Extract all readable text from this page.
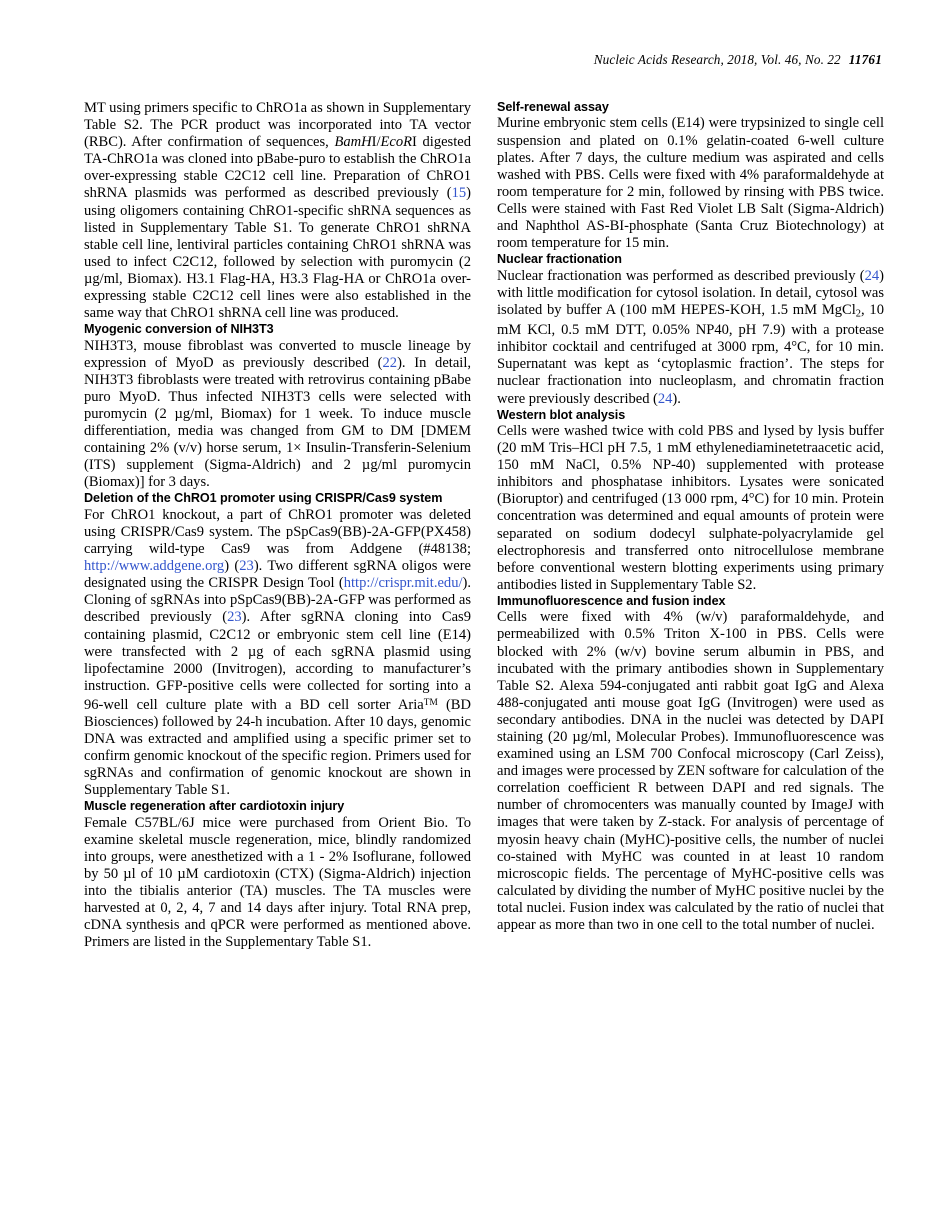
Nucleic Acids Research, 2018, Vol. 46, No. 22 11761

MT using primers specific to ChRO1a as shown in Supplementary Table S2. The PCR product was incorporated into TA vector (RBC). After confirmation of sequences, BamHI/EcoRI digested TA-ChRO1a was cloned into pBabe-puro to establish the ChRO1a over-expressing stable C2C12 cell line. Preparation of ChRO1 shRNA plasmids was performed as described previously (15) using oligomers containing ChRO1-specific shRNA sequences as listed in Supplementary Table S1. To generate ChRO1 shRNA stable cell line, lentiviral particles containing ChRO1 shRNA was used to infect C2C12, followed by selection with puromycin (2 µg/ml, Biomax). H3.1 Flag-HA, H3.3 Flag-HA or ChRO1a over-expressing stable C2C12 cell lines were also established in the same way that ChRO1 shRNA cell line was produced.

Myogenic conversion of NIH3T3

NIH3T3, mouse fibroblast was converted to muscle lineage by expression of MyoD as previously described (22). In detail, NIH3T3 fibroblasts were treated with retrovirus containing pBabe puro MyoD. Thus infected NIH3T3 cells were selected with puromycin (2 µg/ml, Biomax) for 1 week. To induce muscle differentiation, media was changed from GM to DM [DMEM containing 2% (v/v) horse serum, 1× Insulin-Transferin-Selenium (ITS) supplement (Sigma-Aldrich) and 2 µg/ml puromycin (Biomax)] for 3 days.

Deletion of the ChRO1 promoter using CRISPR/Cas9 system

For ChRO1 knockout, a part of ChRO1 promoter was deleted using CRISPR/Cas9 system. The pSpCas9(BB)-2A-GFP(PX458) carrying wild-type Cas9 was from Addgene (#48138; http://www.addgene.org) (23). Two different sgRNA oligos were designated using the CRISPR Design Tool (http://crispr.mit.edu/). Cloning of sgRNAs into pSpCas9(BB)-2A-GFP was performed as described previously (23). After sgRNA cloning into Cas9 containing plasmid, C2C12 or embryonic stem cell line (E14) were transfected with 2 µg of each sgRNA plasmid using lipofectamine 2000 (Invitrogen), according to manufacturer’s instruction. GFP-positive cells were collected for sorting into a 96-well cell culture plate with a BD cell sorter Aria™ (BD Biosciences) followed by 24-h incubation. After 10 days, genomic DNA was extracted and amplified using a specific primer set to confirm genomic knockout of the specific region. Primers used for sgRNAs and confirmation of genomic knockout are shown in Supplementary Table S1.

Muscle regeneration after cardiotoxin injury

Female C57BL/6J mice were purchased from Orient Bio. To examine skeletal muscle regeneration, mice, blindly randomized into groups, were anesthetized with a 1 - 2% Isoflurane, followed by 50 µl of 10 µM cardiotoxin (CTX) (Sigma-Aldrich) injection into the tibialis anterior (TA) muscles. The TA muscles were harvested at 0, 2, 4, 7 and 14 days after injury. Total RNA prep, cDNA synthesis and qPCR were performed as mentioned above. Primers are listed in the Supplementary Table S1.

Self-renewal assay

Murine embryonic stem cells (E14) were trypsinized to single cell suspension and plated on 0.1% gelatin-coated 6-well culture plates. After 7 days, the culture medium was aspirated and cells washed with PBS. Cells were fixed with 4% paraformaldehyde at room temperature for 2 min, followed by rinsing with PBS twice. Cells were stained with Fast Red Violet LB Salt (Sigma-Aldrich) and Naphthol AS-BI-phosphate (Santa Cruz Biotechnology) at room temperature for 15 min.

Nuclear fractionation

Nuclear fractionation was performed as described previously (24) with little modification for cytosol isolation. In detail, cytosol was isolated by buffer A (100 mM HEPES-KOH, 1.5 mM MgCl$_2$, 10 mM KCl, 0.5 mM DTT, 0.05% NP40, pH 7.9) with a protease inhibitor cocktail and centrifuged at 3000 rpm, 4°C, for 10 min. Supernatant was kept as ‘cytoplasmic fraction’. The steps for nuclear fractionation into nucleoplasm, and chromatin fraction were previously described (24).

Western blot analysis

Cells were washed twice with cold PBS and lysed by lysis buffer (20 mM Tris–HCl pH 7.5, 1 mM ethylenediaminetetraacetic acid, 150 mM NaCl, 0.5% NP-40) supplemented with protease inhibitors and phosphatase inhibitors. Lysates were sonicated (Bioruptor) and centrifuged (13 000 rpm, 4°C) for 10 min. Protein concentration was determined and equal amounts of protein were separated on sodium dodecyl sulphate-polyacrylamide gel electrophoresis and transferred onto nitrocellulose membrane before conventional western blotting experiments using primary antibodies listed in Supplementary Table S2.

Immunofluorescence and fusion index

Cells were fixed with 4% (w/v) paraformaldehyde, and permeabilized with 0.5% Triton X-100 in PBS. Cells were blocked with 2% (w/v) bovine serum albumin in PBS, and incubated with the primary antibodies shown in Supplementary Table S2. Alexa 594-conjugated anti rabbit goat IgG and Alexa 488-conjugated anti mouse goat IgG (Invitrogen) were used as secondary antibodies. DNA in the nuclei was detected by DAPI staining (20 µg/ml, Molecular Probes). Immunofluorescence was examined using an LSM 700 Confocal microscopy (Carl Zeiss), and images were processed by ZEN software for calculation of the correlation coefficient R between DAPI and red signals. The number of chromocenters was manually counted by ImageJ with images that were taken by Z-stack. For analysis of percentage of myosin heavy chain (MyHC)-positive cells, the number of nuclei co-stained with MyHC was counted in at least 10 random microscopic fields. The percentage of MyHC-positive cells was calculated by dividing the number of MyHC positive nuclei by the total nuclei. Fusion index was calculated by the ratio of nuclei that appear as more than two in one cell to the total number of nuclei.
